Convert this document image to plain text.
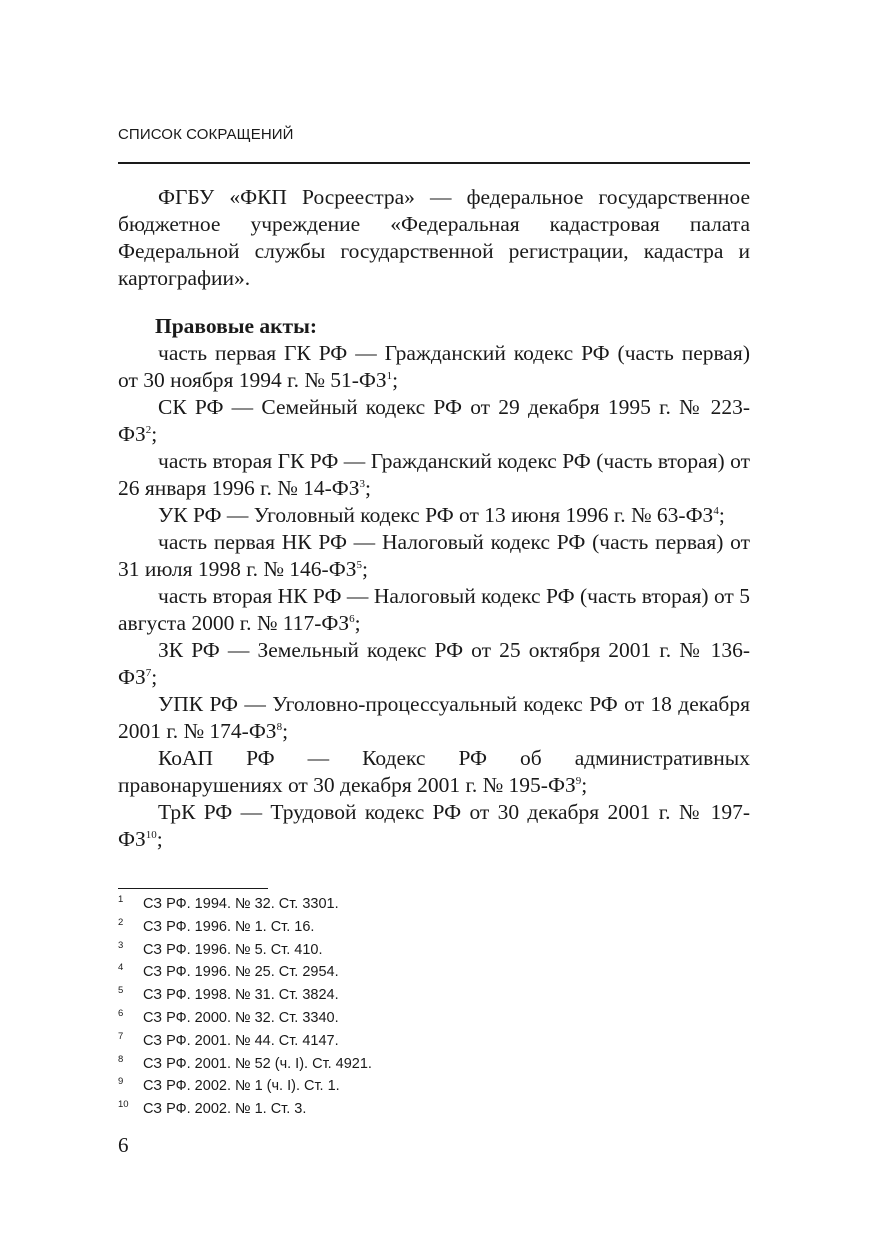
СПИСОК СОКРАЩЕНИЙ

ФГБУ «ФКП Росреестра» — федеральное государственное бюджетное учреждение «Федеральная кадастровая палата Федеральной службы государственной регистрации, кадастра и картографии».

Правовые акты:

часть первая ГК РФ — Гражданский кодекс РФ (часть первая) от 30 ноября 1994 г. № 51-ФЗ$^1$;

СК РФ — Семейный кодекс РФ от 29 декабря 1995 г. № 223-ФЗ$^2$;

часть вторая ГК РФ — Гражданский кодекс РФ (часть вторая) от 26 января 1996 г. № 14-ФЗ$^3$;

УК РФ — Уголовный кодекс РФ от 13 июня 1996 г. № 63-ФЗ$^4$;

часть первая НК РФ — Налоговый кодекс РФ (часть первая) от 31 июля 1998 г. № 146-ФЗ$^5$;

часть вторая НК РФ — Налоговый кодекс РФ (часть вторая) от 5 августа 2000 г. № 117-ФЗ$^6$;

ЗК РФ — Земельный кодекс РФ от 25 октября 2001 г. № 136-ФЗ$^7$;

УПК РФ — Уголовно-процессуальный кодекс РФ от 18 декабря 2001 г. № 174-ФЗ$^8$;

КоАП РФ — Кодекс РФ об административных правонарушениях от 30 декабря 2001 г. № 195-ФЗ$^9$;

ТрК РФ — Трудовой кодекс РФ от 30 декабря 2001 г. № 197-ФЗ$^{10}$;

1 СЗ РФ. 1994. № 32. Ст. 3301.
2 СЗ РФ. 1996. № 1. Ст. 16.
3 СЗ РФ. 1996. № 5. Ст. 410.
4 СЗ РФ. 1996. № 25. Ст. 2954.
5 СЗ РФ. 1998. № 31. Ст. 3824.
6 СЗ РФ. 2000. № 32. Ст. 3340.
7 СЗ РФ. 2001. № 44. Ст. 4147.
8 СЗ РФ. 2001. № 52 (ч. I). Ст. 4921.
9 СЗ РФ. 2002. № 1 (ч. I). Ст. 1.
10 СЗ РФ. 2002. № 1. Ст. 3.
6
